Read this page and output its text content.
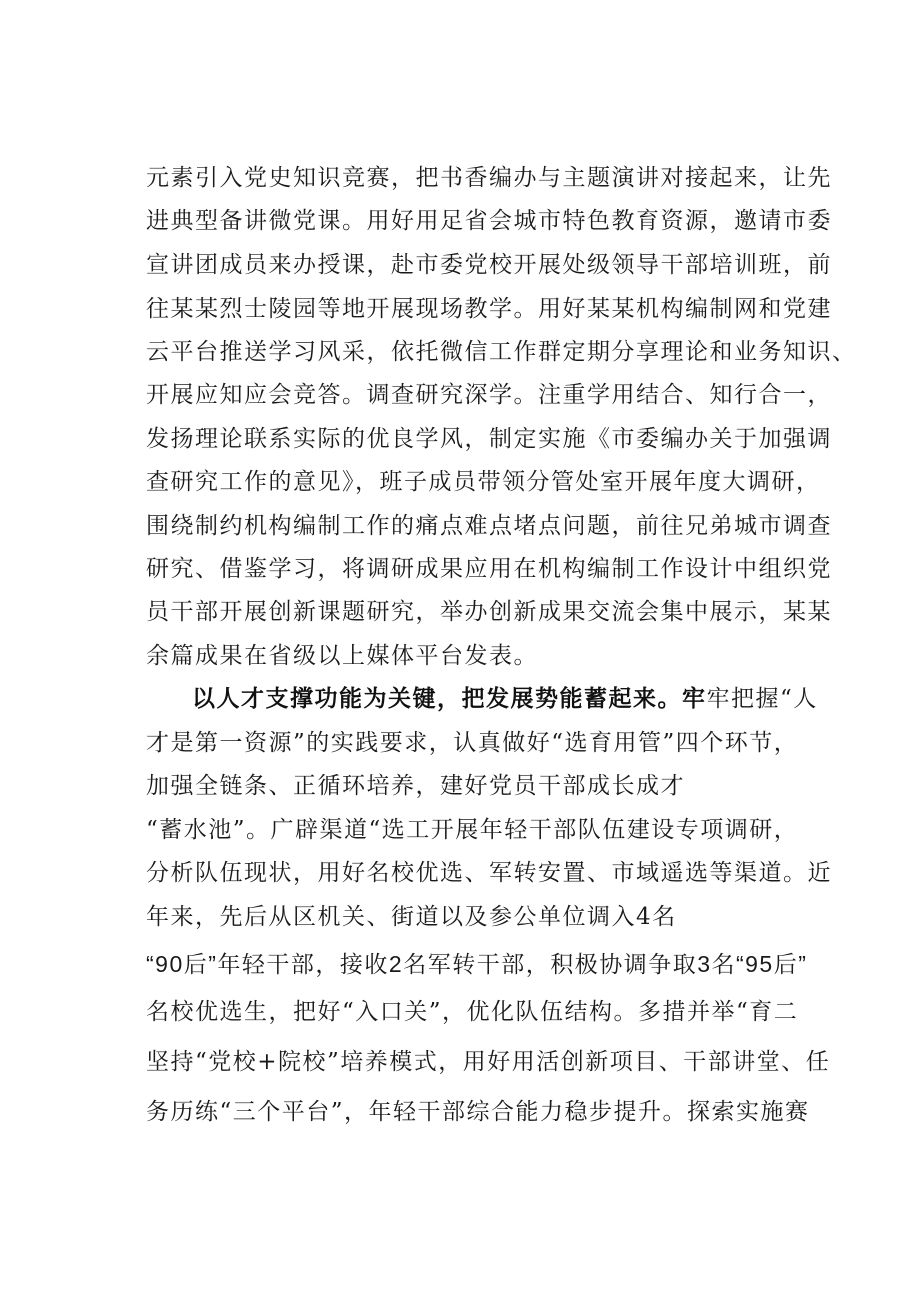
元素引入党史知识竞赛，把书香编办与主题演讲对接起来，让先
进典型备讲微党课。用好用足省会城市特色教育资源，邀请市委
宣讲团成员来办授课，赴市委党校开展处级领导干部培训班，前
往某某烈士陵园等地开展现场教学。用好某某机构编制网和党建
云平台推送学习风采，依托微信工作群定期分享理论和业务知识、
开展应知应会竞答。调查研究深学。注重学用结合、知行合一，
发扬理论联系实际的优良学风，制定实施《市委编办关于加强调
查研究工作的意见》，班子成员带领分管处室开展年度大调研，
围绕制约机构编制工作的痛点难点堵点问题，前往兄弟城市调查
研究、借鉴学习，将调研成果应用在机构编制工作设计中组织党
员干部开展创新课题研究，举办创新成果交流会集中展示，某某
余篇成果在省级以上媒体平台发表。
以人才支撑功能为关键，把发展势能蓄起来。牢牢把握“人
才是第一资源”的实践要求，认真做好“选育用管”四个环节，
加强全链条、正循环培养，建好党员干部成长成才
“蓄水池”。广辟渠道“选工开展年轻干部队伍建设专项调研，
分析队伍现状，用好名校优选、军转安置、市域遥选等渠道。近
年来，先后从区机关、街道以及参公单位调入4名
“90后”年轻干部，接收2名军转干部，积极协调争取3名“95后”
名校优选生，把好“入口关”，优化队伍结构。多措并举“育二
坚持“党校+院校”培养模式，用好用活创新项目、干部讲堂、任
务历练“三个平台”，年轻干部综合能力稳步提升。探索实施赛
